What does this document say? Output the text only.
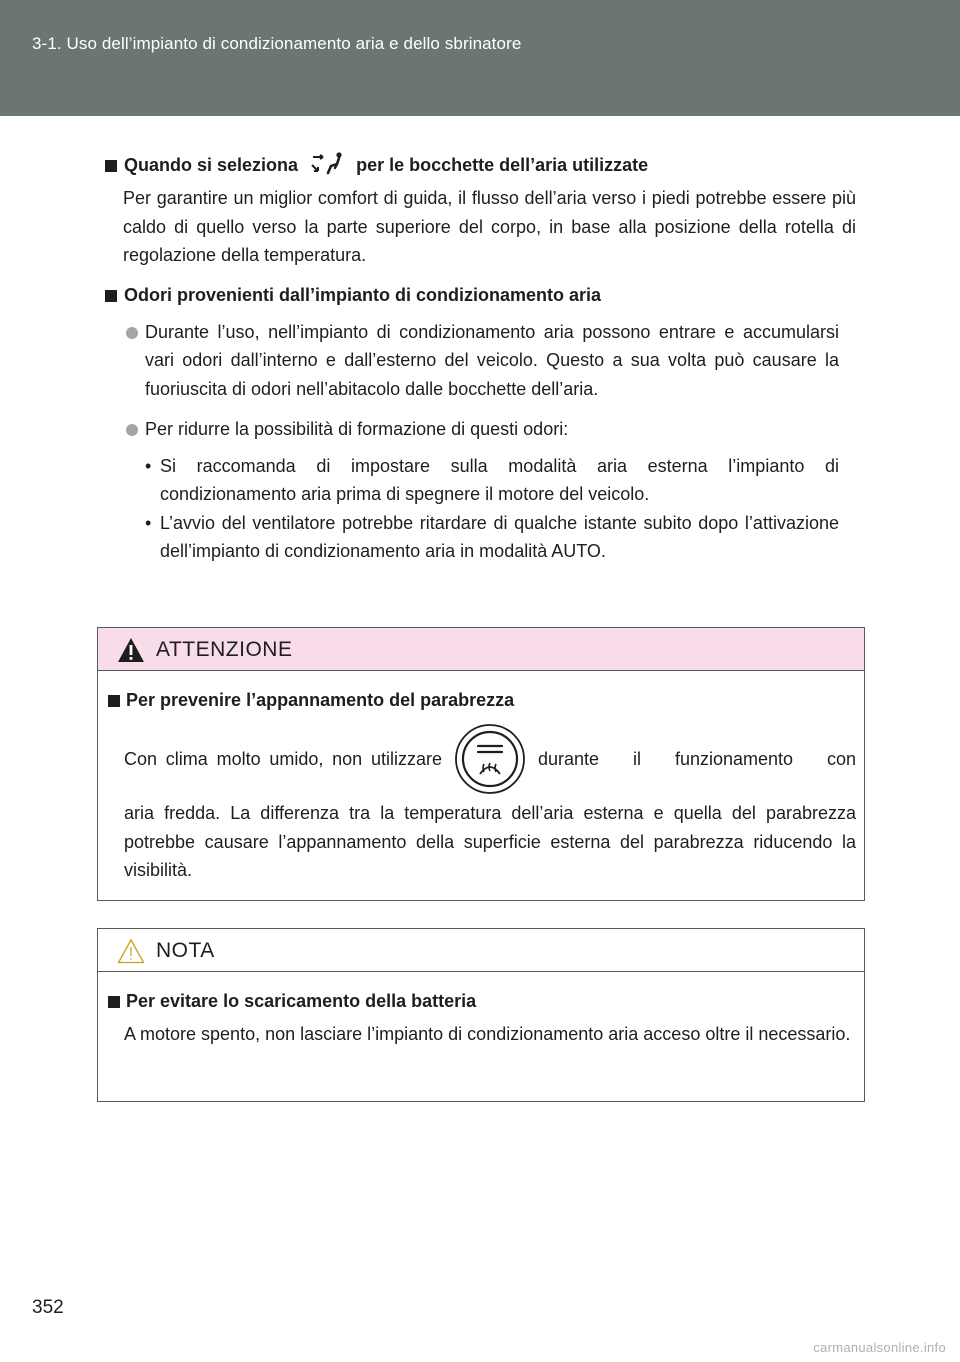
3-1. Uso dell’impianto di condizionamento aria e dello sbrinatore
Quando si seleziona	per le bocchette dell’aria utilizzate
Per garantire un miglior comfort di guida, il flusso dell’aria verso i piedi potrebbe essere più caldo di quello verso la parte superiore del corpo, in base alla posizione della rotella di regolazione della temperatura.
Odori provenienti dall’impianto di condizionamento aria
Durante l’uso, nell’impianto di condizionamento aria possono entrare e accumularsi vari odori dall’interno e dall’esterno del veicolo. Questo a sua volta può causare la fuoriuscita di odori nell’abitacolo dalle bocchette dell’aria.
Per ridurre la possibilità di formazione di questi odori:
• Si raccomanda di impostare sulla modalità aria esterna l’impianto di condizionamento aria prima di spegnere il motore del veicolo.
• L’avvio del ventilatore potrebbe ritardare di qualche istante subito dopo l’attivazione dell’impianto di condizionamento aria in modalità AUTO.
ATTENZIONE
Per prevenire l’appannamento del parabrezza
Con clima molto umido, non utilizzare	durante il funzionamento con
aria fredda. La differenza tra la temperatura dell’aria esterna e quella del parabrezza potrebbe causare l’appannamento della superficie esterna del parabrezza riducendo la visibilità.
NOTA
Per evitare lo scaricamento della batteria
A motore spento, non lasciare l’impianto di condizionamento aria acceso oltre il necessario.
352
carmanualsonline.info
